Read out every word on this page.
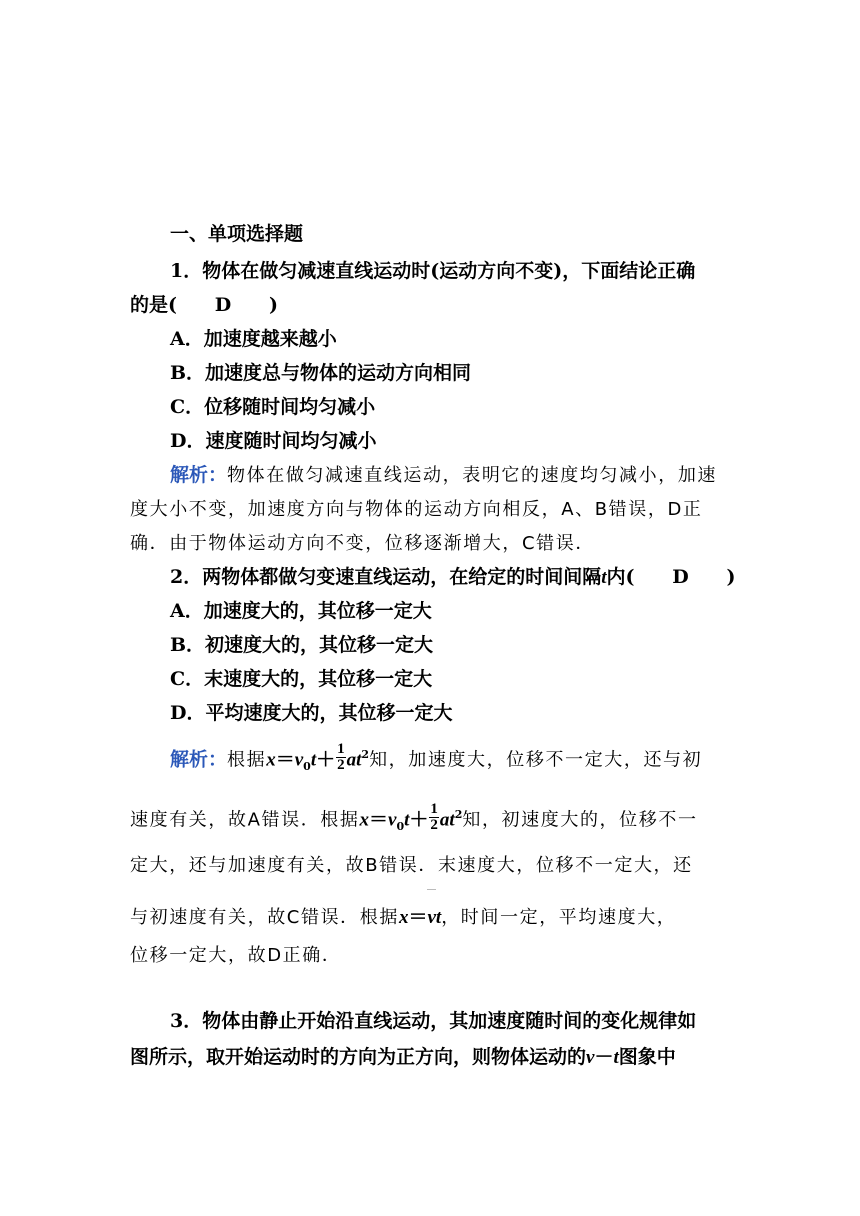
一、单项选择题
1．物体在做匀减速直线运动时(运动方向不变)，下面结论正确
的是( D )
A．加速度越来越小
B．加速度总与物体的运动方向相同
C．位移随时间均匀减小
D．速度随时间均匀减小
解析：物体在做匀减速直线运动，表明它的速度均匀减小，加速
度大小不变，加速度方向与物体的运动方向相反，A、B错误，D正
确．由于物体运动方向不变，位移逐渐增大，C错误．
2．两物体都做匀变速直线运动，在给定的时间间隔t内( D )
A．加速度大的，其位移一定大
B．初速度大的，其位移一定大
C．末速度大的，其位移一定大
D．平均速度大的，其位移一定大
解析：根据$x=v_0t+ \frac{1}{2} at^2$知，加速度大，位移不一定大，还与初
速度有关，故A错误．根据$x=v_0t+ \frac{1}{2} at^2$知，初速度大的，位移不一
定大，还与加速度有关，故B错误．末速度大，位移不一定大，还
与初速度有关，故C错误．根据x＝vt，时间一定，平均速度大，
位移一定大，故D正确．
3．物体由静止开始沿直线运动，其加速度随时间的变化规律如
图所示，取开始运动时的方向为正方向，则物体运动的v－t图象中
